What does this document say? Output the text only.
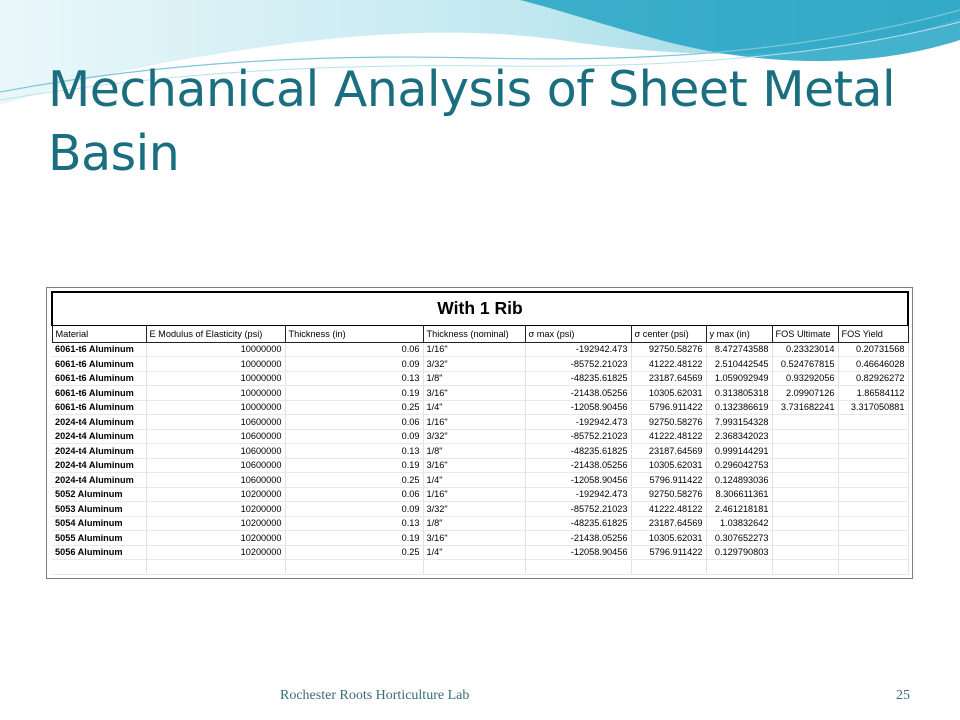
Mechanical Analysis of Sheet Metal Basin
With 1 Rib								
Material	E Modulus of Elasticity (psi)	Thickness (in)	Thickness (nominal)	σ max (psi)	σ center (psi)	y max (in)	FOS Ultimate	FOS Yield
6061-t6 Aluminum	10000000	0.06	1/16"	-192942.473	92750.58276	8.472743588	0.23323014	0.20731568
6061-t6 Aluminum	10000000	0.09	3/32"	-85752.21023	41222.48122	2.510442545	0.524767815	0.46646028
6061-t6 Aluminum	10000000	0.13	1/8"	-48235.61825	23187.64569	1.059092949	0.93292056	0.82926272
6061-t6 Aluminum	10000000	0.19	3/16"	-21438.05256	10305.62031	0.313805318	2.09907126	1.86584112
6061-t6 Aluminum	10000000	0.25	1/4"	-12058.90456	5796.911422	0.132386619	3.731682241	3.317050881
2024-t4 Aluminum	10600000	0.06	1/16"	-192942.473	92750.58276	7.993154328		
2024-t4 Aluminum	10600000	0.09	3/32"	-85752.21023	41222.48122	2.368342023		
2024-t4 Aluminum	10600000	0.13	1/8"	-48235.61825	23187.64569	0.999144291		
2024-t4 Aluminum	10600000	0.19	3/16"	-21438.05256	10305.62031	0.296042753		
2024-t4 Aluminum	10600000	0.25	1/4"	-12058.90456	5796.911422	0.124893036		
5052 Aluminum	10200000	0.06	1/16"	-192942.473	92750.58276	8.306611361		
5053 Aluminum	10200000	0.09	3/32"	-85752.21023	41222.48122	2.461218181		
5054 Aluminum	10200000	0.13	1/8"	-48235.61825	23187.64569	1.03832642		
5055 Aluminum	10200000	0.19	3/16"	-21438.05256	10305.62031	0.307652273		
5056 Aluminum	10200000	0.25	1/4"	-12058.90456	5796.911422	0.129790803		

Rochester Roots Horticulture Lab	25
